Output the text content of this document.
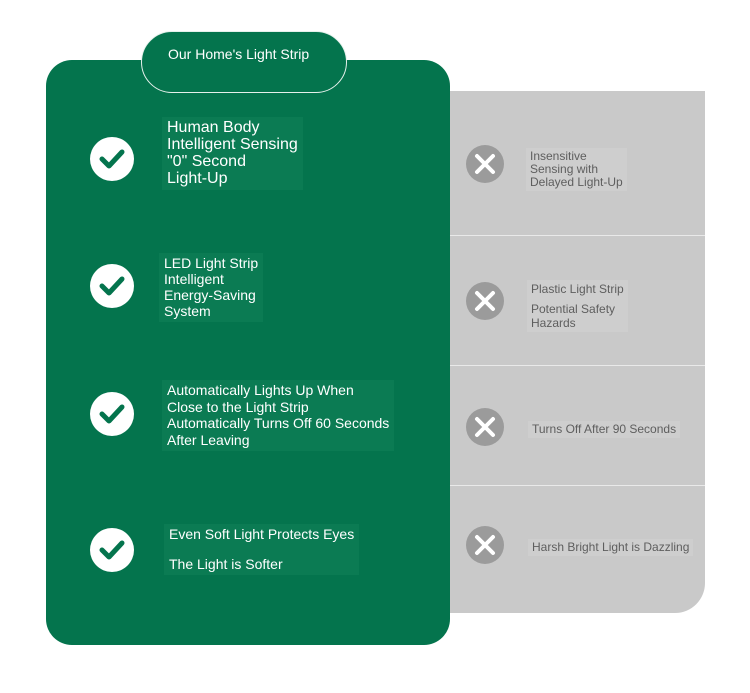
Our Home's Light Strip
Human Body
Intelligent Sensing
"0" Second
Light-Up
LED Light Strip
Intelligent
Energy-Saving
System
Automatically Lights Up When
Close to the Light Strip
Automatically Turns Off 60 Seconds
After Leaving
Even Soft Light Protects Eyes
The Light is Softer
Insensitive
Sensing with
Delayed Light-Up
Plastic Light Strip
Potential Safety
Hazards
Turns Off After 90 Seconds
Harsh Bright Light is Dazzling
